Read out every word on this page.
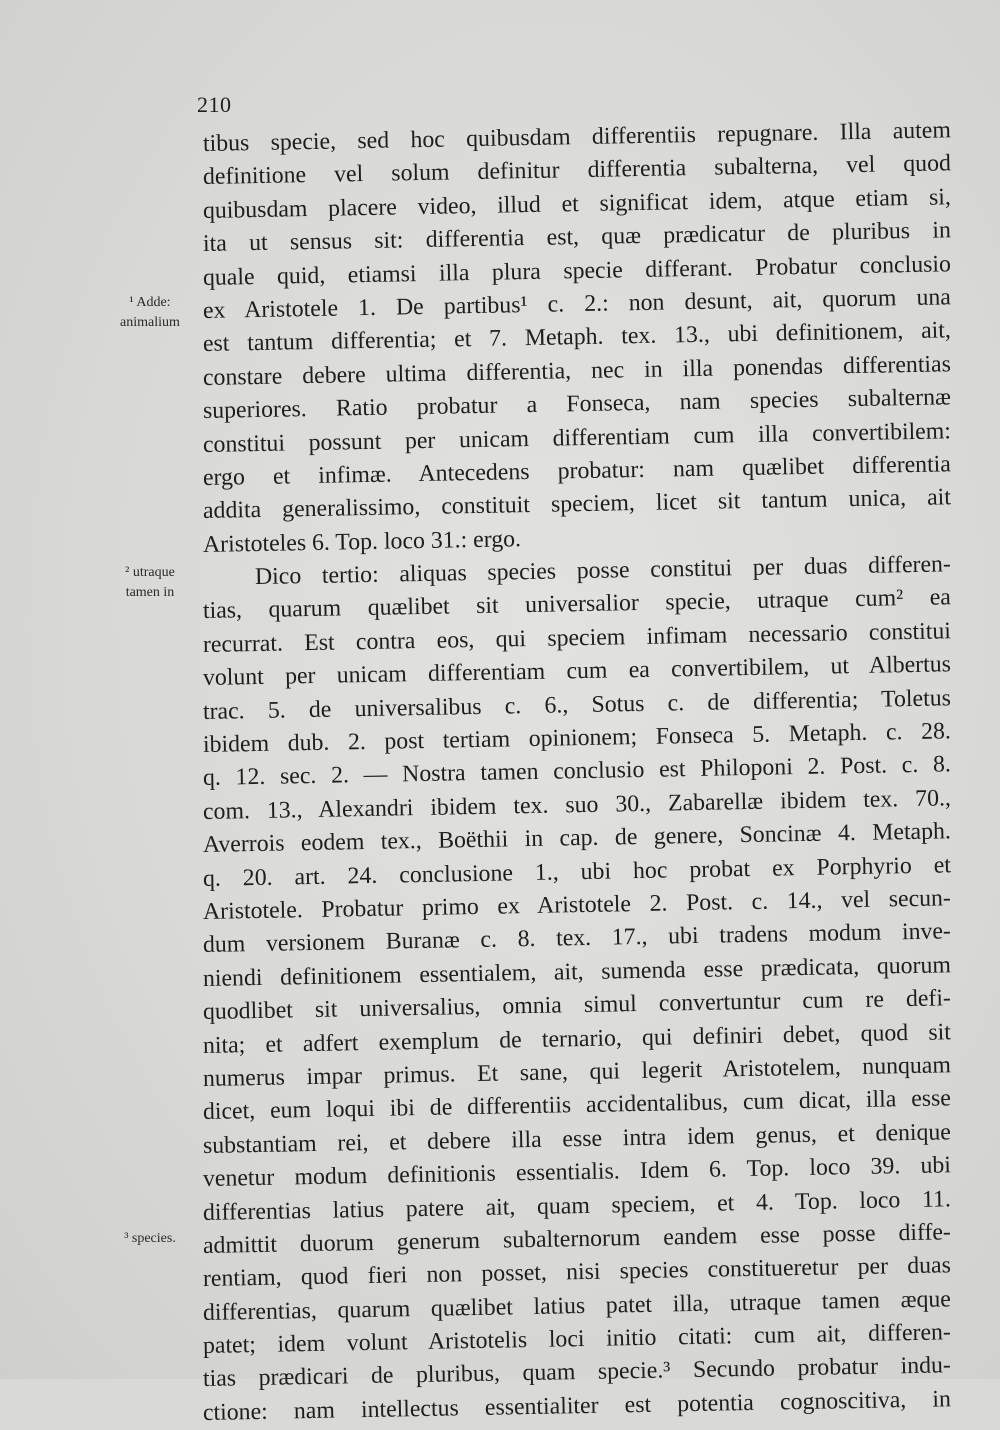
210
¹ Adde:
animalium
² utraque
tamen in
³ species.
tibus specie, sed hoc quibusdam differentiis repugnare. Illa autem
definitione vel solum definitur differentia subalterna, vel quod
quibusdam placere video, illud et significat idem, atque etiam si,
ita ut sensus sit: differentia est, quæ prædicatur de pluribus in
quale quid, etiamsi illa plura specie differant. Probatur conclusio
ex Aristotele 1. De partibus¹ c. 2.: non desunt, ait, quorum una
est tantum differentia; et 7. Metaph. tex. 13., ubi definitionem, ait,
constare debere ultima differentia, nec in illa ponendas differentias
superiores. Ratio probatur a Fonseca, nam species subalternæ
constitui possunt per unicam differentiam cum illa convertibilem:
ergo et infimæ. Antecedens probatur: nam quælibet differentia
addita generalissimo, constituit speciem, licet sit tantum unica, ait
Aristoteles 6. Top. loco 31.: ergo.
Dico tertio: aliquas species posse constitui per duas differen-
tias, quarum quælibet sit universalior specie, utraque cum² ea
recurrat. Est contra eos, qui speciem infimam necessario constitui
volunt per unicam differentiam cum ea convertibilem, ut Albertus
trac. 5. de universalibus c. 6., Sotus c. de differentia; Toletus
ibidem dub. 2. post tertiam opinionem; Fonseca 5. Metaph. c. 28.
q. 12. sec. 2. — Nostra tamen conclusio est Philoponi 2. Post. c. 8.
com. 13., Alexandri ibidem tex. suo 30., Zabarellæ ibidem tex. 70.,
Averrois eodem tex., Boëthii in cap. de genere, Soncinæ 4. Metaph.
q. 20. art. 24. conclusione 1., ubi hoc probat ex Porphyrio et
Aristotele. Probatur primo ex Aristotele 2. Post. c. 14., vel secun-
dum versionem Buranæ c. 8. tex. 17., ubi tradens modum inve-
niendi definitionem essentialem, ait, sumenda esse prædicata, quorum
quodlibet sit universalius, omnia simul convertuntur cum re defi-
nita; et adfert exemplum de ternario, qui definiri debet, quod sit
numerus impar primus. Et sane, qui legerit Aristotelem, nunquam
dicet, eum loqui ibi de differentiis accidentalibus, cum dicat, illa esse
substantiam rei, et debere illa esse intra idem genus, et denique
venetur modum definitionis essentialis. Idem 6. Top. loco 39. ubi
differentias latius patere ait, quam speciem, et 4. Top. loco 11.
admittit duorum generum subalternorum eandem esse posse diffe-
rentiam, quod fieri non posset, nisi species constitueretur per duas
differentias, quarum quælibet latius patet illa, utraque tamen æque
patet; idem volunt Aristotelis loci initio citati: cum ait, differen-
tias prædicari de pluribus, quam specie.³ Secundo probatur indu-
ctione: nam intellectus essentialiter est potentia cognoscitiva, in
